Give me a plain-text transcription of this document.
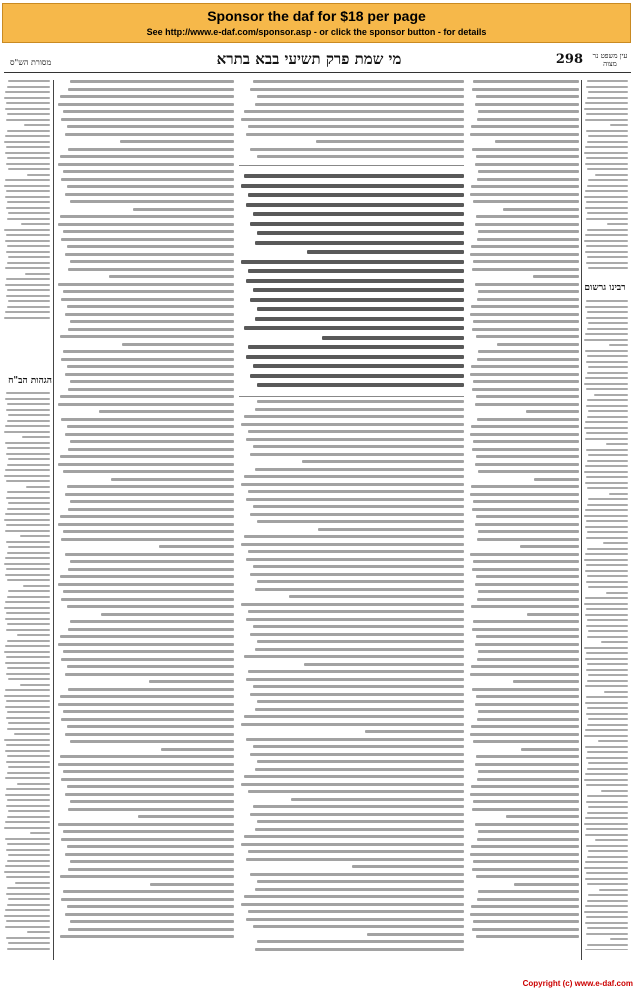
Sponsor the daf for $18 per page
See http://www.e-daf.com/sponsor.asp - or click the sponsor button - for details
מסורת הש"ס	מי שמת פרק תשיעי בבא בתרא	298	עין משפט נר מצוה
הגהות הב"ח
רבינו גרשום
Copyright (c) www.e-daf.com
